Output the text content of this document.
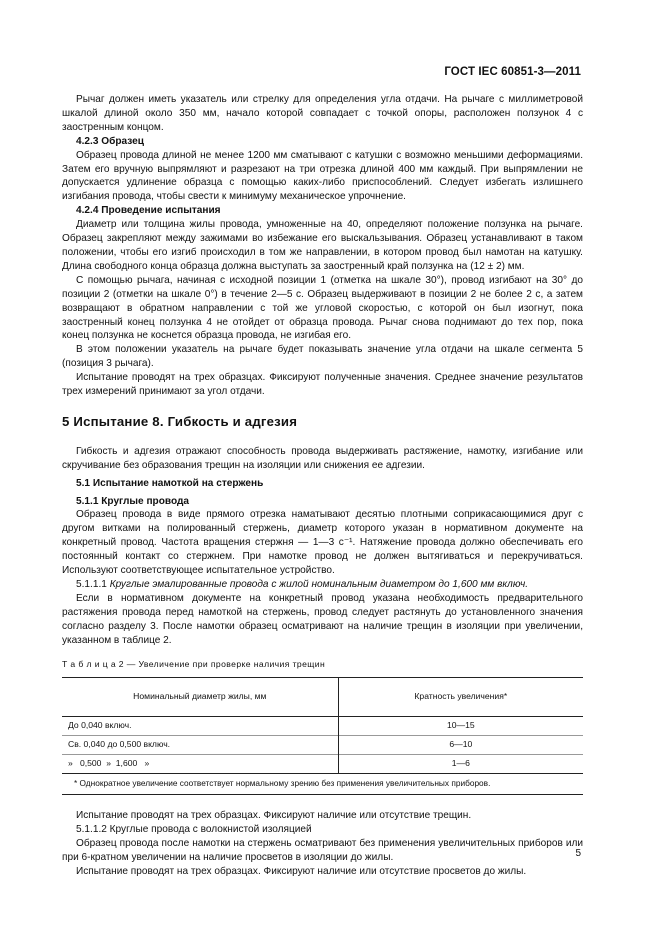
ГОСТ IEC 60851-3—2011

Рычаг должен иметь указатель или стрелку для определения угла отдачи. На рычаге с миллиметровой шкалой длиной около 350 мм, начало которой совпадает с точкой опоры, расположен ползунок 4 с заостренным концом.

4.2.3 Образец

Образец провода длиной не менее 1200 мм сматывают с катушки с возможно меньшими деформациями. Затем его вручную выпрямляют и разрезают на три отрезка длиной 400 мм каждый. При выпрямлении не допускается удлинение образца с помощью каких-либо приспособлений. Следует избегать излишнего изгибания провода, чтобы свести к минимуму механическое упрочнение.

4.2.4 Проведение испытания

Диаметр или толщина жилы провода, умноженные на 40, определяют положение ползунка на рычаге. Образец закрепляют между зажимами во избежание его выскальзывания. Образец устанавливают в таком положении, чтобы его изгиб происходил в том же направлении, в котором провод был намотан на катушку. Длина свободного конца образца должна выступать за заостренный край ползунка на (12 ± 2) мм.

С помощью рычага, начиная с исходной позиции 1 (отметка на шкале 30°), провод изгибают на 30° до позиции 2 (отметки на шкале 0°) в течение 2—5 с. Образец выдерживают в позиции 2 не более 2 с, а затем возвращают в обратном направлении с той же угловой скоростью, с которой он был изогнут, пока заостренный конец ползунка 4 не отойдет от образца провода. Рычаг снова поднимают до тех пор, пока конец ползунка не коснется образца провода, не изгибая его.

В этом положении указатель на рычаге будет показывать значение угла отдачи на шкале сегмента 5 (позиция 3 рычага).

Испытание проводят на трех образцах. Фиксируют полученные значения. Среднее значение результатов трех измерений принимают за угол отдачи.

5 Испытание 8. Гибкость и адгезия

Гибкость и адгезия отражают способность провода выдерживать растяжение, намотку, изгибание или скручивание без образования трещин на изоляции или снижения ее адгезии.

5.1 Испытание намоткой на стержень

5.1.1 Круглые провода

Образец провода в виде прямого отрезка наматывают десятью плотными соприкасающимися друг с другом витками на полированный стержень, диаметр которого указан в нормативном документе на конкретный провод. Частота вращения стержня — 1—3 с⁻¹. Натяжение провода должно обеспечивать его постоянный контакт со стержнем. При намотке провод не должен вытягиваться и перекручиваться. Используют соответствующее испытательное устройство.

5.1.1.1 Круглые эмалированные провода с жилой номинальным диаметром до 1,600 мм включ.

Если в нормативном документе на конкретный провод указана необходимость предварительного растяжения провода перед намоткой на стержень, провод следует растянуть до установленного значения согласно разделу 3. После намотки образец осматривают на наличие трещин в изоляции при увеличении, указанном в таблице 2.

Т а б л и ц а 2 — Увеличение при проверке наличия трещин
Номинальный диаметр жилы, мм	Кратность увеличения*
До 0,040 включ.	10—15
Св. 0,040 до 0,500 включ.	6—10
»   0,500  »  1,600   »	1—6
* Однократное увеличение соответствует нормальному зрению без применения увеличительных приборов.	

Испытание проводят на трех образцах. Фиксируют наличие или отсутствие трещин.

5.1.1.2 Круглые провода с волокнистой изоляцией

Образец провода после намотки на стержень осматривают без применения увеличительных приборов или при 6-кратном увеличении на наличие просветов в изоляции до жилы.

Испытание проводят на трех образцах. Фиксируют наличие или отсутствие просветов до жилы.

5
